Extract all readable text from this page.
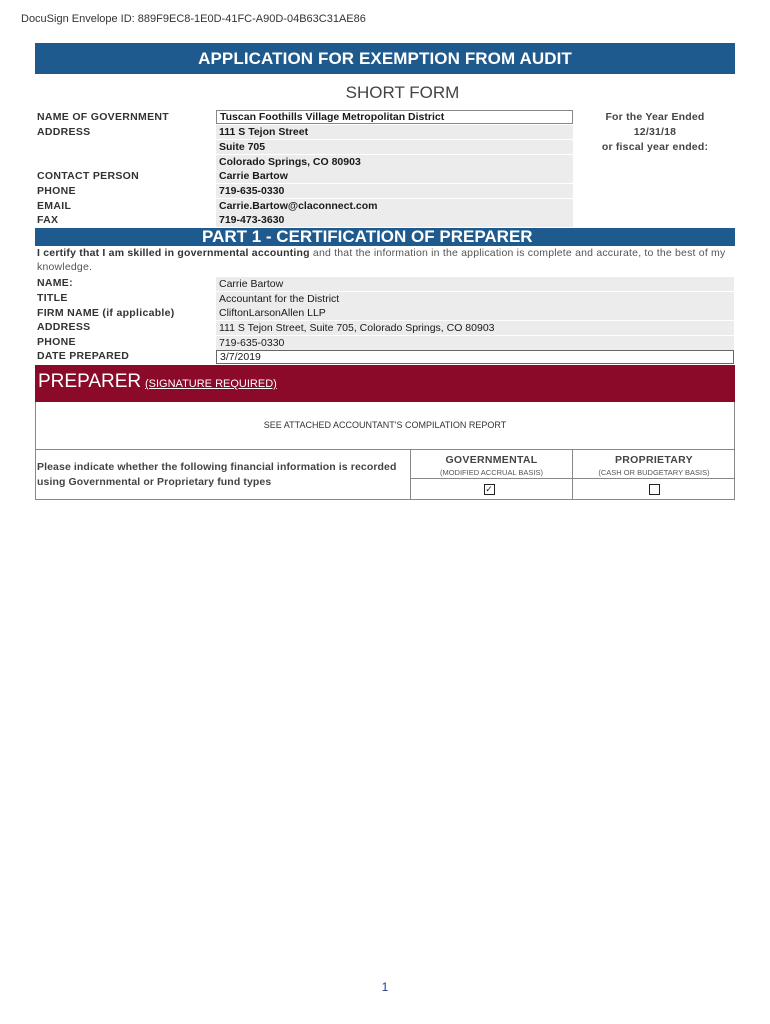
DocuSign Envelope ID: 889F9EC8-1E0D-41FC-A90D-04B63C31AE86
APPLICATION FOR EXEMPTION FROM AUDIT
SHORT FORM
NAME OF GOVERNMENT
ADDRESS
CONTACT PERSON
PHONE
EMAIL
FAX
Tuscan Foothills Village Metropolitan District
111 S Tejon Street
Suite 705
Colorado Springs, CO 80903
Carrie Bartow
719-635-0330
Carrie.Bartow@claconnect.com
719-473-3630
For the Year Ended
12/31/18
or fiscal year ended:
PART 1 - CERTIFICATION OF PREPARER
I certify that I am skilled in governmental accounting and that the information in the application is complete and accurate, to the best of my knowledge.
NAME:
TITLE
FIRM NAME (if applicable)
ADDRESS
PHONE
DATE PREPARED
Carrie Bartow
Accountant for the District
CliftonLarsonAllen LLP
111 S Tejon Street, Suite 705, Colorado Springs, CO 80903
719-635-0330
3/7/2019
PREPARER (SIGNATURE REQUIRED)
SEE ATTACHED ACCOUNTANT'S COMPILATION REPORT
Please indicate whether the following financial information is recorded using Governmental or Proprietary fund types
GOVERNMENTAL
(MODIFIED ACCRUAL BASIS)
✓
PROPRIETARY
(CASH OR BUDGETARY BASIS)
1
